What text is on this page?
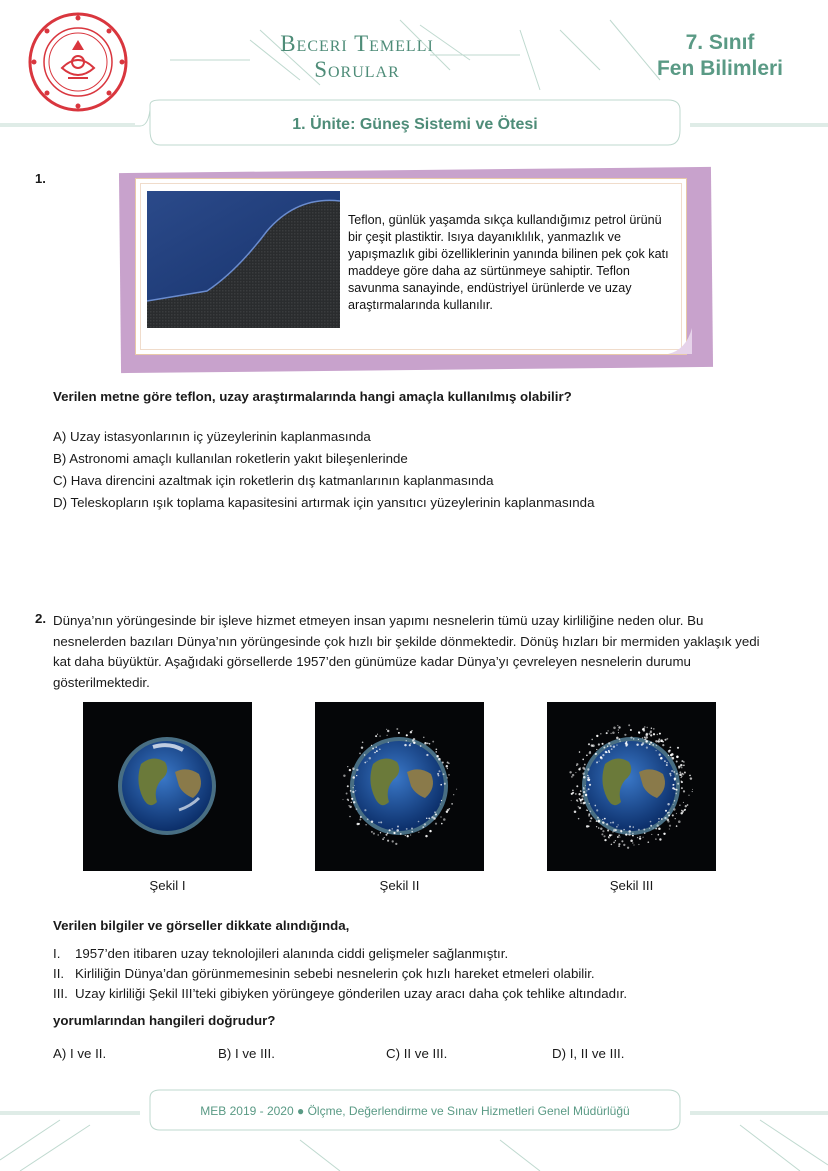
Beceri Temelli
Sorular
7. Sınıf
Fen Bilimleri
1. Ünite: Güneş Sistemi ve Ötesi
1.
Teflon, günlük yaşamda sıkça kullandığımız petrol ürünü bir çeşit plastiktir. Isıya dayanıklılık, yanmazlık ve yapışmazlık gibi özelliklerinin yanında bilinen pek çok katı maddeye göre daha az sürtünmeye sahiptir. Teflon savunma sanayinde, endüstriyel ürünlerde ve uzay araştırmalarında kullanılır.
Verilen metne göre teflon, uzay araştırmalarında hangi amaçla kullanılmış olabilir?
A) Uzay istasyonlarının iç yüzeylerinin kaplanmasında
B) Astronomi amaçlı kullanılan roketlerin yakıt bileşenlerinde
C) Hava direncini azaltmak için roketlerin dış katmanlarının kaplanmasında
D) Teleskopların ışık toplama kapasitesini artırmak için yansıtıcı yüzeylerinin kaplanmasında
2. Dünya’nın yörüngesinde bir işleve hizmet etmeyen insan yapımı nesnelerin tümü uzay kirliliğine neden olur. Bu nesnelerden bazıları Dünya’nın yörüngesinde çok hızlı bir şekilde dönmektedir. Dönüş hızları bir mermiden yaklaşık yedi kat daha büyüktür. Aşağıdaki görsellerde 1957’den günümüze kadar Dünya’yı çevreleyen nesnelerin durumu gösterilmektedir.
Şekil I	Şekil II	Şekil III
Verilen bilgiler ve görseller dikkate alındığında,
I. 1957’den itibaren uzay teknolojileri alanında ciddi gelişmeler sağlanmıştır.
II. Kirliliğin Dünya’dan görünmemesinin sebebi nesnelerin çok hızlı hareket etmeleri olabilir.
III. Uzay kirliliği Şekil III’teki gibiyken yörüngeye gönderilen uzay aracı daha çok tehlike altındadır.
yorumlarından hangileri doğrudur?
A) I ve II.	B) I ve III.	C) II ve III.	D) I, II ve III.
MEB 2019 - 2020 ● Ölçme, Değerlendirme ve Sınav Hizmetleri Genel Müdürlüğü
